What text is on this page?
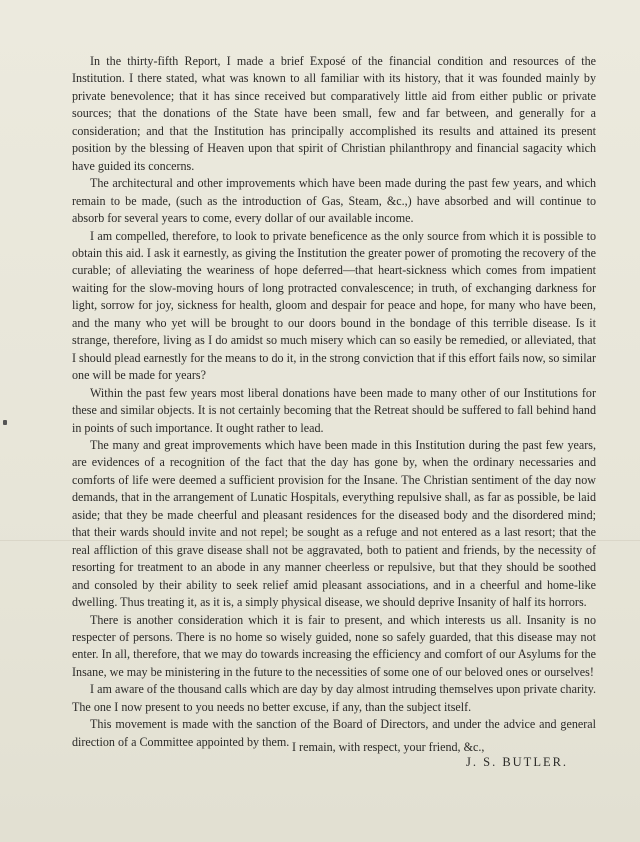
In the thirty-fifth Report, I made a brief Exposé of the financial condition and resources of the Institution. I there stated, what was known to all familiar with its history, that it was founded mainly by private benevolence; that it has since received but comparatively little aid from either public or private sources; that the donations of the State have been small, few and far between, and generally for a consideration; and that the Institution has principally accomplished its results and attained its present position by the blessing of Heaven upon that spirit of Christian philanthropy and financial sagacity which have guided its concerns.

The architectural and other improvements which have been made during the past few years, and which remain to be made, (such as the introduction of Gas, Steam, &c.,) have absorbed and will continue to absorb for several years to come, every dollar of our available income.

I am compelled, therefore, to look to private beneficence as the only source from which it is possible to obtain this aid. I ask it earnestly, as giving the Institution the greater power of promoting the recovery of the curable; of alleviating the weariness of hope deferred—that heart-sickness which comes from impatient waiting for the slow-moving hours of long protracted convalescence; in truth, of exchanging darkness for light, sorrow for joy, sickness for health, gloom and despair for peace and hope, for many who have been, and the many who yet will be brought to our doors bound in the bondage of this terrible disease. Is it strange, therefore, living as I do amidst so much misery which can so easily be remedied, or alleviated, that I should plead earnestly for the means to do it, in the strong conviction that if this effort fails now, so similar one will be made for years?

Within the past few years most liberal donations have been made to many other of our Institutions for these and similar objects. It is not certainly becoming that the Retreat should be suffered to fall behind hand in points of such importance. It ought rather to lead.

The many and great improvements which have been made in this Institution during the past few years, are evidences of a recognition of the fact that the day has gone by, when the ordinary necessaries and comforts of life were deemed a sufficient provision for the Insane. The Christian sentiment of the day now demands, that in the arrangement of Lunatic Hospitals, everything repulsive shall, as far as possible, be laid aside; that they be made cheerful and pleasant residences for the diseased body and the disordered mind; that their wards should invite and not repel; be sought as a refuge and not entered as a last resort; that the real affliction of this grave disease shall not be aggravated, both to patient and friends, by the necessity of resorting for treatment to an abode in any manner cheerless or repulsive, but that they should be soothed and consoled by their ability to seek relief amid pleasant associations, and in a cheerful and home-like dwelling. Thus treating it, as it is, a simply physical disease, we should deprive Insanity of half its horrors.

There is another consideration which it is fair to present, and which interests us all. Insanity is no respecter of persons. There is no home so wisely guided, none so safely guarded, that this disease may not enter. In all, therefore, that we may do towards increasing the efficiency and comfort of our Asylums for the Insane, we may be ministering in the future to the necessities of some one of our beloved ones or ourselves!

I am aware of the thousand calls which are day by day almost intruding themselves upon private charity. The one I now present to you needs no better excuse, if any, than the subject itself.

This movement is made with the sanction of the Board of Directors, and under the advice and general direction of a Committee appointed by them. I remain, with respect, your friend, &c.,
J. S. BUTLER.
